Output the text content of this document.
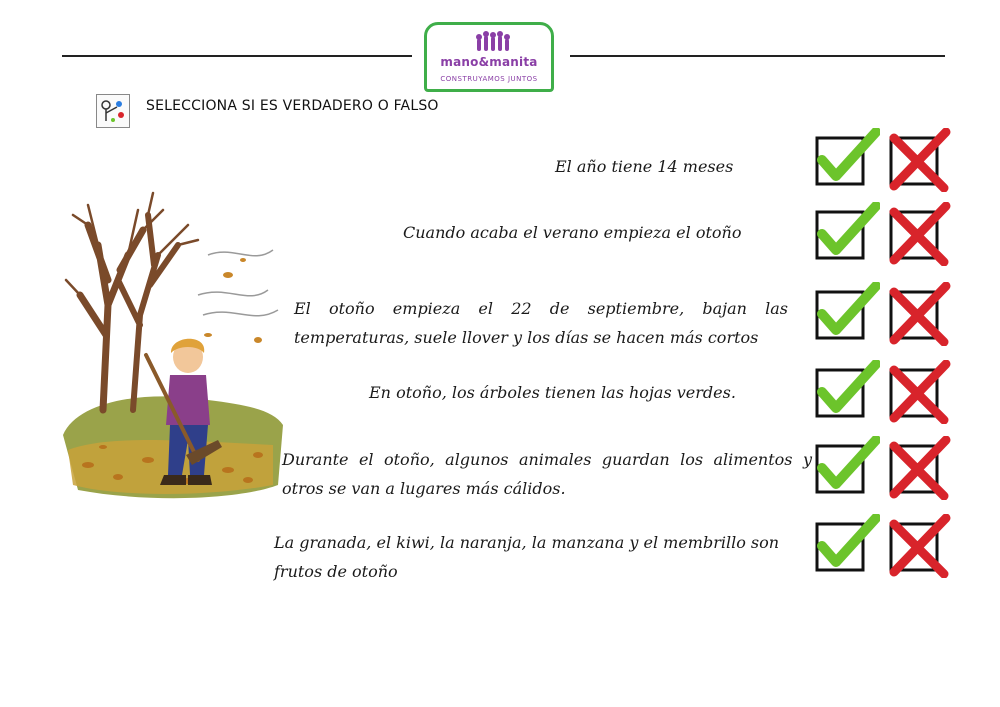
mano&manita
CONSTRUYAMOS JUNTOS
SELECCIONA SI ES VERDADERO O FALSO
El año tiene 14 meses
Cuando acaba el verano empieza el otoño
El otoño empieza el 22 de septiembre, bajan las temperaturas, suele llover y los días se hacen más cortos
En otoño, los árboles tienen las hojas verdes.
Durante el otoño, algunos animales guardan los alimentos y otros se van a lugares más cálidos.
La granada, el kiwi, la naranja, la manzana y el membrillo son frutos de otoño
